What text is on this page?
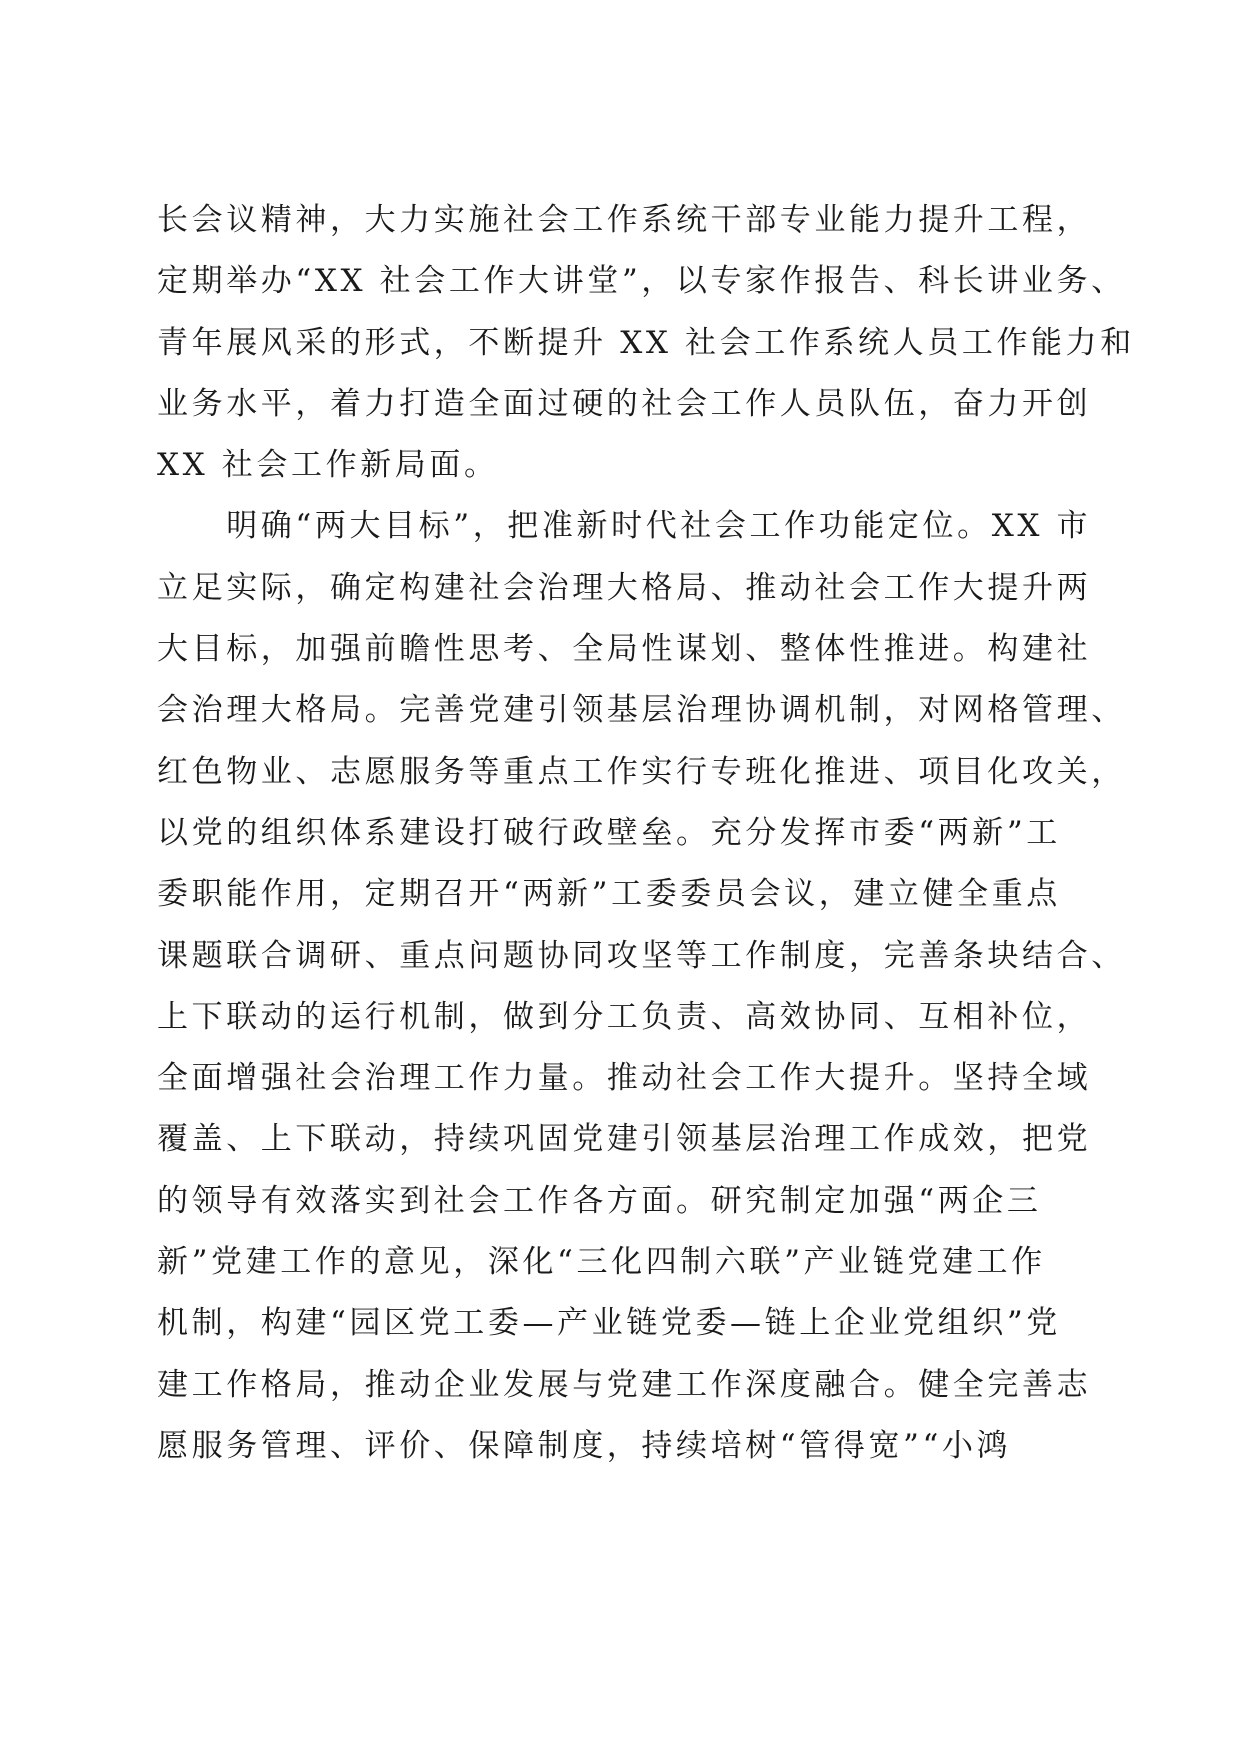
长会议精神，大力实施社会工作系统干部专业能力提升工程，
定期举办“XX 社会工作大讲堂”，以专家作报告、科长讲业务、
青年展风采的形式，不断提升 XX 社会工作系统人员工作能力和
业务水平，着力打造全面过硬的社会工作人员队伍，奋力开创
XX 社会工作新局面。
　　明确“两大目标”，把准新时代社会工作功能定位。XX 市
立足实际，确定构建社会治理大格局、推动社会工作大提升两
大目标，加强前瞻性思考、全局性谋划、整体性推进。构建社
会治理大格局。完善党建引领基层治理协调机制，对网格管理、
红色物业、志愿服务等重点工作实行专班化推进、项目化攻关，
以党的组织体系建设打破行政壁垒。充分发挥市委“两新”工
委职能作用，定期召开“两新”工委委员会议，建立健全重点
课题联合调研、重点问题协同攻坚等工作制度，完善条块结合、
上下联动的运行机制，做到分工负责、高效协同、互相补位，
全面增强社会治理工作力量。推动社会工作大提升。坚持全域
覆盖、上下联动，持续巩固党建引领基层治理工作成效，把党
的领导有效落实到社会工作各方面。研究制定加强“两企三
新”党建工作的意见，深化“三化四制六联”产业链党建工作
机制，构建“园区党工委—产业链党委—链上企业党组织”党
建工作格局，推动企业发展与党建工作深度融合。健全完善志
愿服务管理、评价、保障制度，持续培树“管得宽”“小鸿
